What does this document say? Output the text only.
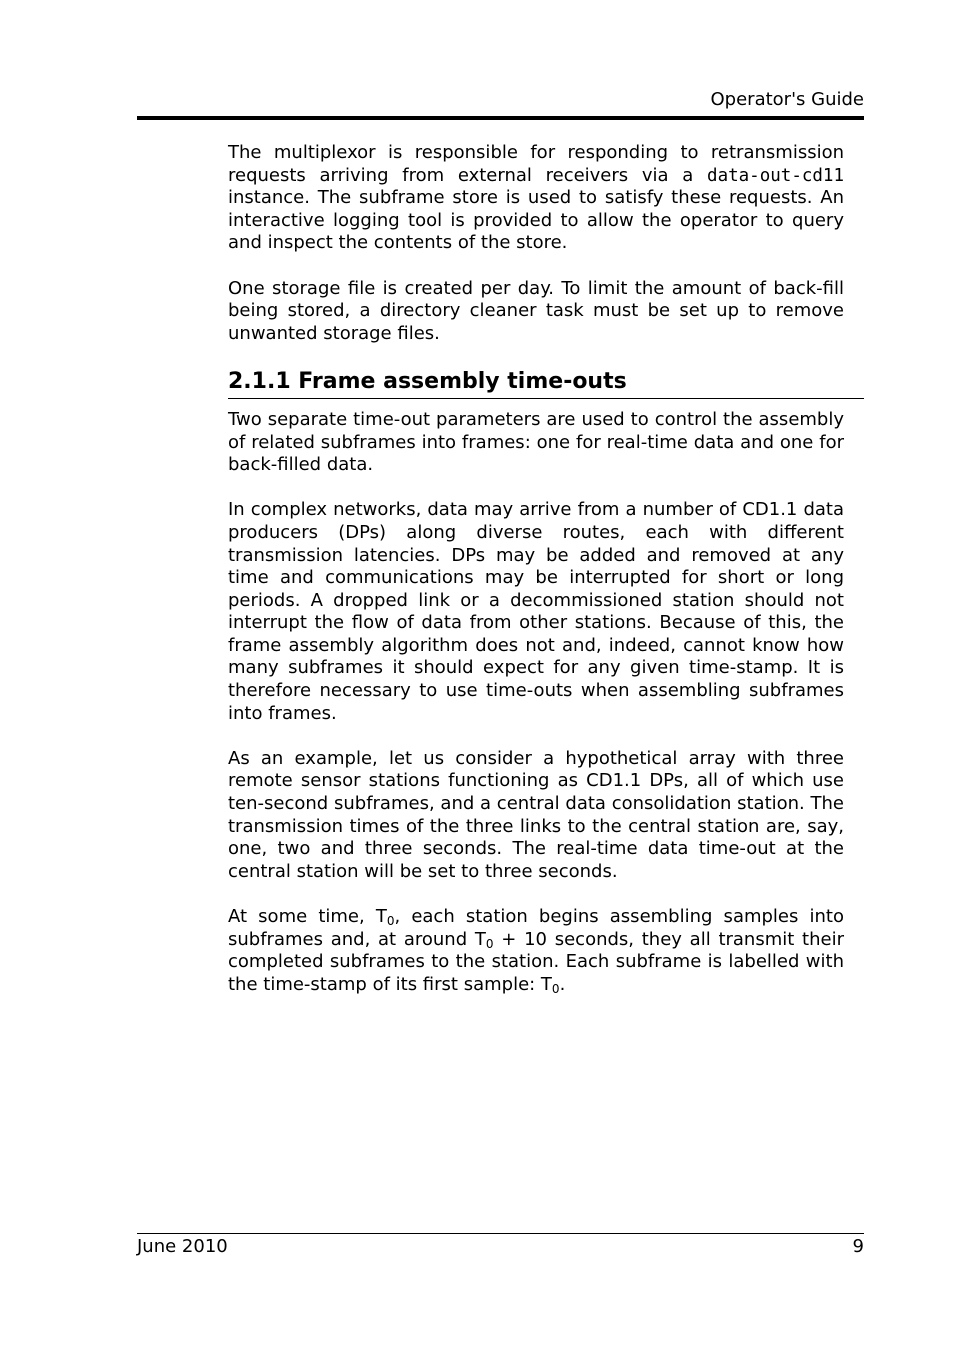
Operator's Guide

The multiplexor is responsible for responding to retransmission requests arriving from external receivers via a data-out-cd11 instance. The subframe store is used to satisfy these requests. An interactive logging tool is provided to allow the operator to query and inspect the contents of the store.

One storage file is created per day. To limit the amount of back-fill being stored, a directory cleaner task must be set up to remove unwanted storage files.

2.1.1 Frame assembly time-outs

Two separate time-out parameters are used to control the assembly of related subframes into frames: one for real-time data and one for back-filled data.

In complex networks, data may arrive from a number of CD1.1 data producers (DPs) along diverse routes, each with different transmission latencies. DPs may be added and removed at any time and communications may be interrupted for short or long periods. A dropped link or a decommissioned station should not interrupt the flow of data from other stations. Because of this, the frame assembly algorithm does not and, indeed, cannot know how many subframes it should expect for any given time-stamp. It is therefore necessary to use time-outs when assembling subframes into frames.

As an example, let us consider a hypothetical array with three remote sensor stations functioning as CD1.1 DPs, all of which use ten-second subframes, and a central data consolidation station. The transmission times of the three links to the central station are, say, one, two and three seconds. The real-time data time-out at the central station will be set to three seconds.

At some time, $T_0$, each station begins assembling samples into subframes and, at around $T_0 + 10$ seconds, they all transmit their completed subframes to the station. Each subframe is labelled with the time-stamp of its first sample: $T_0$.

June 2010	9
